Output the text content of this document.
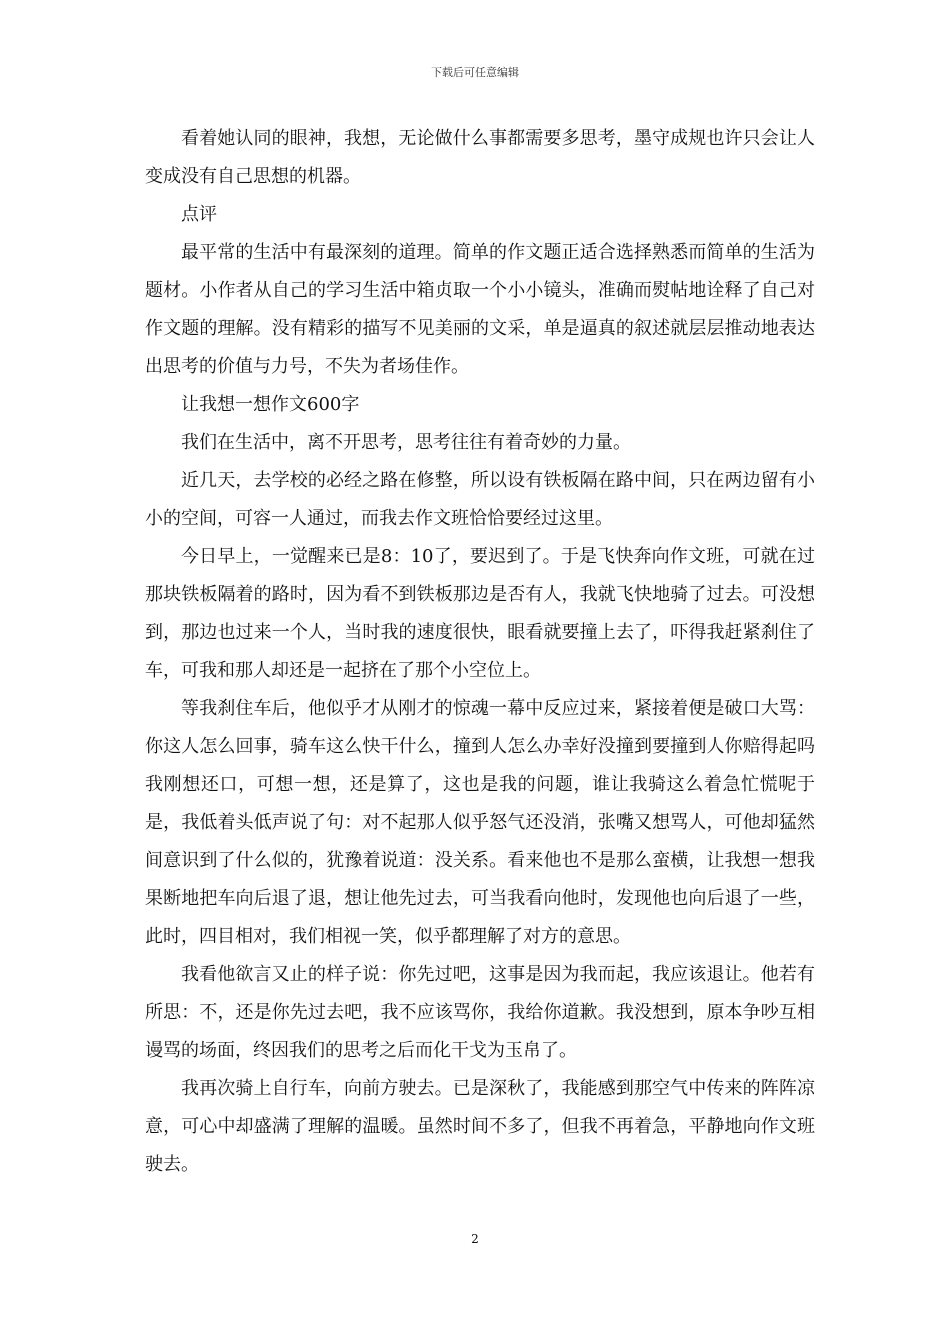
下载后可任意编辑

看着她认同的眼神，我想，无论做什么事都需要多思考，墨守成规也许只会让人变成没有自己思想的机器。

点评

最平常的生活中有最深刻的道理。简单的作文题正适合选择熟悉而简单的生活为题材。小作者从自己的学习生活中箱贞取一个小小镜头，准确而熨帖地诠释了自己对作文题的理解。没有精彩的描写不见美丽的文采，单是逼真的叙述就层层推动地表达出思考的价值与力号，不失为者场佳作。

让我想一想作文600字

我们在生活中，离不开思考，思考往往有着奇妙的力量。

近几天，去学校的必经之路在修整，所以设有铁板隔在路中间，只在两边留有小小的空间，可容一人通过，而我去作文班恰恰要经过这里。

今日早上，一觉醒来已是8：10了，要迟到了。于是飞快奔向作文班，可就在过那块铁板隔着的路时，因为看不到铁板那边是否有人，我就飞快地骑了过去。可没想到，那边也过来一个人，当时我的速度很快，眼看就要撞上去了，吓得我赶紧刹住了车，可我和那人却还是一起挤在了那个小空位上。

等我刹住车后，他似乎才从刚才的惊魂一幕中反应过来，紧接着便是破口大骂：你这人怎么回事，骑车这么快干什么，撞到人怎么办幸好没撞到要撞到人你赔得起吗我刚想还口，可想一想，还是算了，这也是我的问题，谁让我骑这么着急忙慌呢于是，我低着头低声说了句：对不起那人似乎怒气还没消，张嘴又想骂人，可他却猛然间意识到了什么似的，犹豫着说道：没关系。看来他也不是那么蛮横，让我想一想我果断地把车向后退了退，想让他先过去，可当我看向他时，发现他也向后退了一些，此时，四目相对，我们相视一笑，似乎都理解了对方的意思。

我看他欲言又止的样子说：你先过吧，这事是因为我而起，我应该退让。他若有所思：不，还是你先过去吧，我不应该骂你，我给你道歉。我没想到，原本争吵互相谩骂的场面，终因我们的思考之后而化干戈为玉帛了。

我再次骑上自行车，向前方驶去。已是深秋了，我能感到那空气中传来的阵阵凉意，可心中却盛满了理解的温暖。虽然时间不多了，但我不再着急，平静地向作文班驶去。

2
